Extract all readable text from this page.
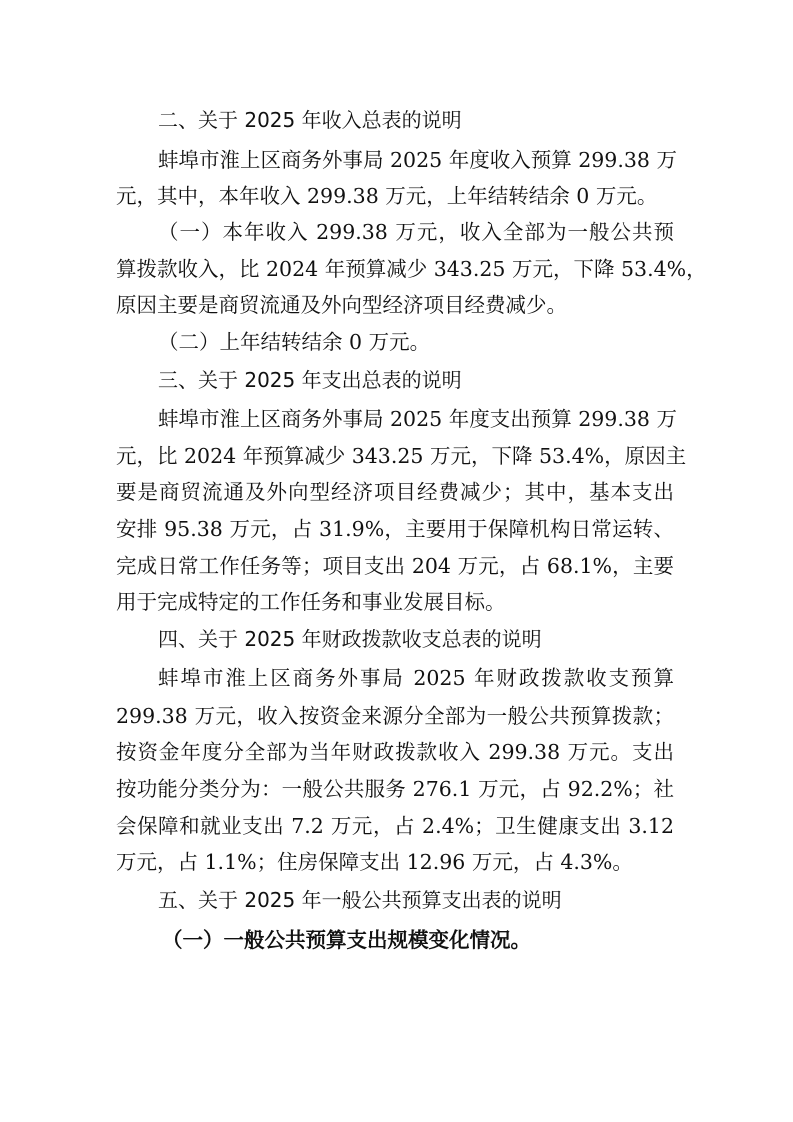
二、关于 2025 年收入总表的说明
蚌埠市淮上区商务外事局 2025 年度收入预算 299.38 万
元，其中，本年收入 299.38 万元，上年结转结余 0 万元。
（一）本年收入 299.38 万元，收入全部为一般公共预
算拨款收入，比 2024 年预算减少 343.25 万元，下降 53.4%，
原因主要是商贸流通及外向型经济项目经费减少。
（二）上年结转结余 0 万元。
三、关于 2025 年支出总表的说明
蚌埠市淮上区商务外事局 2025 年度支出预算 299.38 万
元，比 2024 年预算减少 343.25 万元，下降 53.4%，原因主
要是商贸流通及外向型经济项目经费减少；其中，基本支出
安排 95.38 万元，占 31.9%，主要用于保障机构日常运转、
完成日常工作任务等；项目支出 204 万元，占 68.1%，主要
用于完成特定的工作任务和事业发展目标。
四、关于 2025 年财政拨款收支总表的说明
蚌埠市淮上区商务外事局 2025 年财政拨款收支预算
299.38 万元，收入按资金来源分全部为一般公共预算拨款；
按资金年度分全部为当年财政拨款收入 299.38 万元。支出
按功能分类分为：一般公共服务 276.1 万元，占 92.2%；社
会保障和就业支出 7.2 万元，占 2.4%；卫生健康支出 3.12
万元，占 1.1%；住房保障支出 12.96 万元，占 4.3%。
五、关于 2025 年一般公共预算支出表的说明
（一）一般公共预算支出规模变化情况。
